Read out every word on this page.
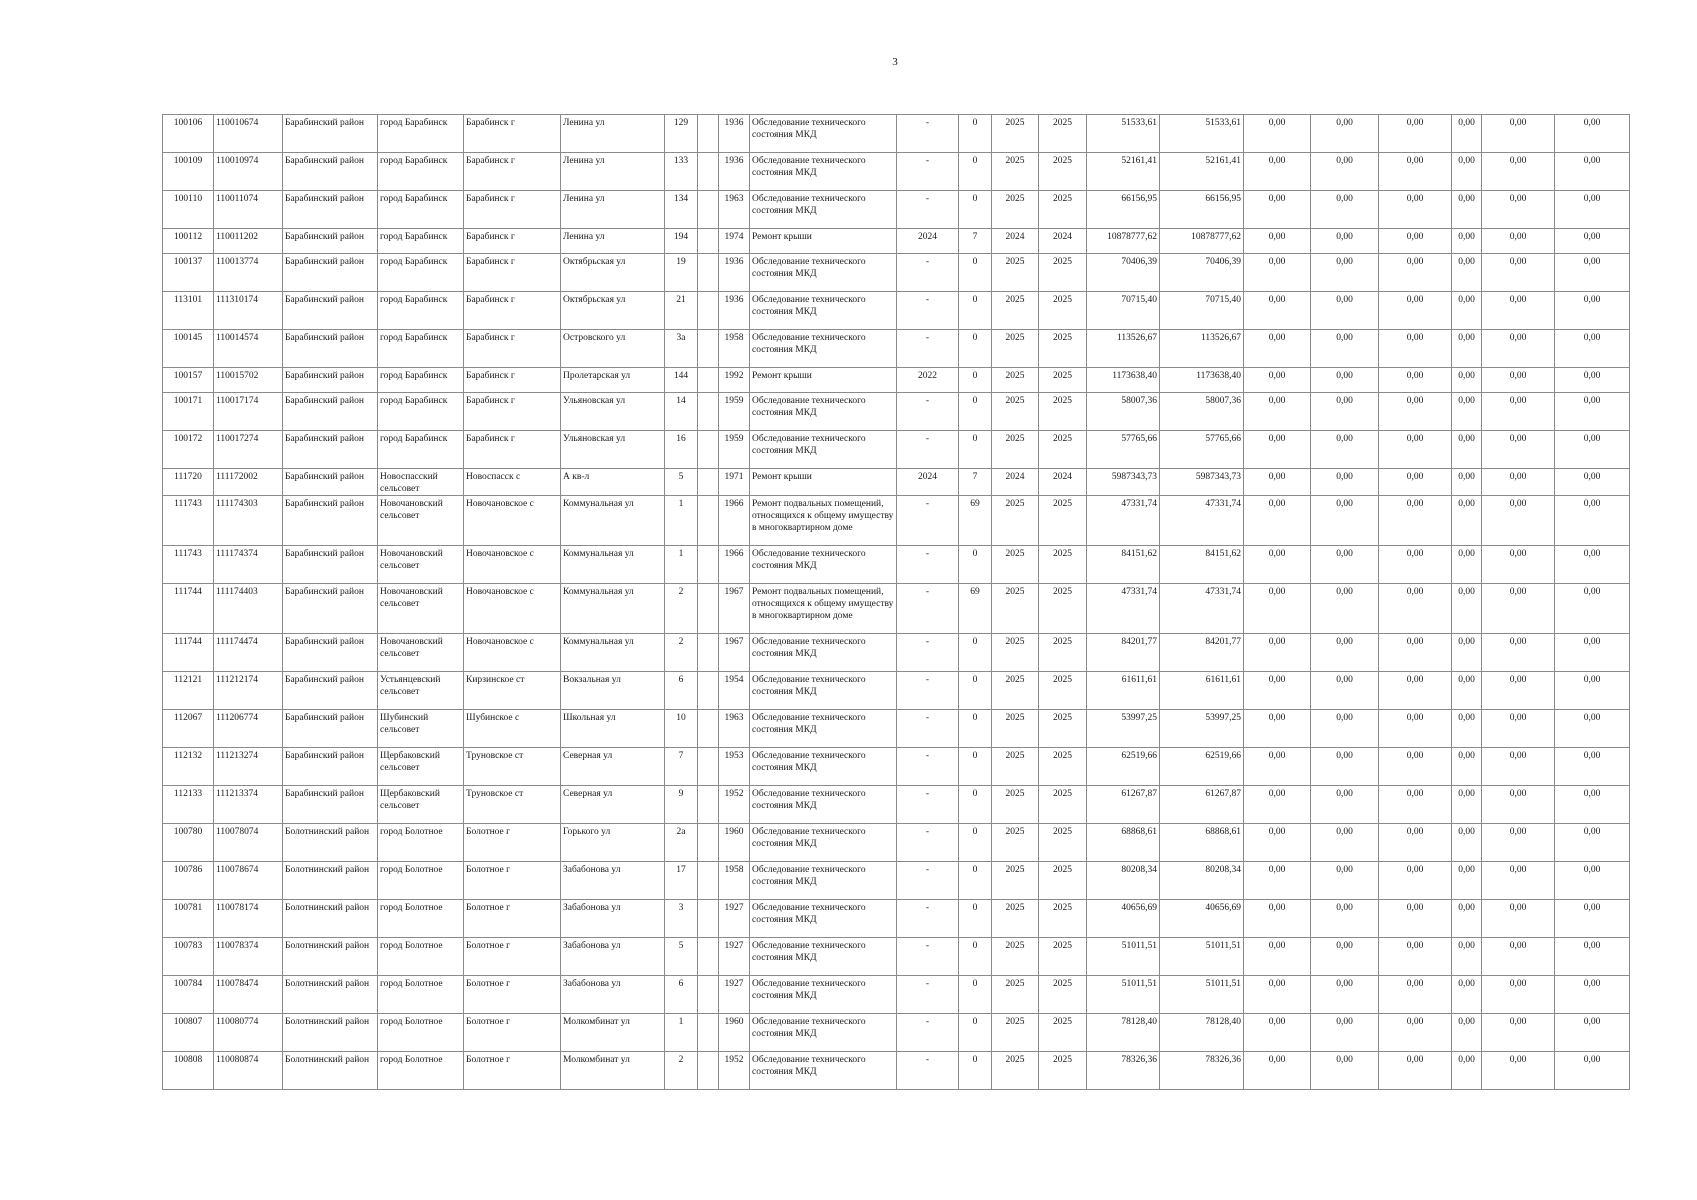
3
100106	110010674	Барабинский район	город Барабинск	Барабинск г	Ленина ул	129		1936	Обследование технического состояния МКД	-	0	2025	2025	51533,61	51533,61	0,00	0,00	0,00	0,00	0,00	0,00
100109	110010974	Барабинский район	город Барабинск	Барабинск г	Ленина ул	133		1936	Обследование технического состояния МКД	-	0	2025	2025	52161,41	52161,41	0,00	0,00	0,00	0,00	0,00	0,00
100110	110011074	Барабинский район	город Барабинск	Барабинск г	Ленина ул	134		1963	Обследование технического состояния МКД	-	0	2025	2025	66156,95	66156,95	0,00	0,00	0,00	0,00	0,00	0,00
100112	110011202	Барабинский район	город Барабинск	Барабинск г	Ленина ул	194		1974	Ремонт крыши	2024	7	2024	2024	10878777,62	10878777,62	0,00	0,00	0,00	0,00	0,00	0,00
100137	110013774	Барабинский район	город Барабинск	Барабинск г	Октябрьская ул	19		1936	Обследование технического состояния МКД	-	0	2025	2025	70406,39	70406,39	0,00	0,00	0,00	0,00	0,00	0,00
113101	111310174	Барабинский район	город Барабинск	Барабинск г	Октябрьская ул	21		1936	Обследование технического состояния МКД	-	0	2025	2025	70715,40	70715,40	0,00	0,00	0,00	0,00	0,00	0,00
100145	110014574	Барабинский район	город Барабинск	Барабинск г	Островского ул	3а		1958	Обследование технического состояния МКД	-	0	2025	2025	113526,67	113526,67	0,00	0,00	0,00	0,00	0,00	0,00
100157	110015702	Барабинский район	город Барабинск	Барабинск г	Пролетарская ул	144		1992	Ремонт крыши	2022	0	2025	2025	1173638,40	1173638,40	0,00	0,00	0,00	0,00	0,00	0,00
100171	110017174	Барабинский район	город Барабинск	Барабинск г	Ульяновская ул	14		1959	Обследование технического состояния МКД	-	0	2025	2025	58007,36	58007,36	0,00	0,00	0,00	0,00	0,00	0,00
100172	110017274	Барабинский район	город Барабинск	Барабинск г	Ульяновская ул	16		1959	Обследование технического состояния МКД	-	0	2025	2025	57765,66	57765,66	0,00	0,00	0,00	0,00	0,00	0,00
111720	111172002	Барабинский район	Новоспасский сельсовет	Новоспасск с	А кв-л	5		1971	Ремонт крыши	2024	7	2024	2024	5987343,73	5987343,73	0,00	0,00	0,00	0,00	0,00	0,00
111743	111174303	Барабинский район	Новочановский сельсовет	Новочановское с	Коммунальная ул	1		1966	Ремонт подвальных помещений, относящихся к общему имуществу в многоквартирном доме	-	69	2025	2025	47331,74	47331,74	0,00	0,00	0,00	0,00	0,00	0,00
111743	111174374	Барабинский район	Новочановский сельсовет	Новочановское с	Коммунальная ул	1		1966	Обследование технического состояния МКД	-	0	2025	2025	84151,62	84151,62	0,00	0,00	0,00	0,00	0,00	0,00
111744	111174403	Барабинский район	Новочановский сельсовет	Новочановское с	Коммунальная ул	2		1967	Ремонт подвальных помещений, относящихся к общему имуществу в многоквартирном доме	-	69	2025	2025	47331,74	47331,74	0,00	0,00	0,00	0,00	0,00	0,00
111744	111174474	Барабинский район	Новочановский сельсовет	Новочановское с	Коммунальная ул	2		1967	Обследование технического состояния МКД	-	0	2025	2025	84201,77	84201,77	0,00	0,00	0,00	0,00	0,00	0,00
112121	111212174	Барабинский район	Устьянцевский сельсовет	Кирзинское ст	Вокзальная ул	6		1954	Обследование технического состояния МКД	-	0	2025	2025	61611,61	61611,61	0,00	0,00	0,00	0,00	0,00	0,00
112067	111206774	Барабинский район	Шубинский сельсовет	Шубинское с	Школьная ул	10		1963	Обследование технического состояния МКД	-	0	2025	2025	53997,25	53997,25	0,00	0,00	0,00	0,00	0,00	0,00
112132	111213274	Барабинский район	Щербаковский сельсовет	Труновское ст	Северная ул	7		1953	Обследование технического состояния МКД	-	0	2025	2025	62519,66	62519,66	0,00	0,00	0,00	0,00	0,00	0,00
112133	111213374	Барабинский район	Щербаковский сельсовет	Труновское ст	Северная ул	9		1952	Обследование технического состояния МКД	-	0	2025	2025	61267,87	61267,87	0,00	0,00	0,00	0,00	0,00	0,00
100780	110078074	Болотнинский район	город Болотное	Болотное г	Горького ул	2а		1960	Обследование технического состояния МКД	-	0	2025	2025	68868,61	68868,61	0,00	0,00	0,00	0,00	0,00	0,00
100786	110078674	Болотнинский район	город Болотное	Болотное г	Забабонова ул	17		1958	Обследование технического состояния МКД	-	0	2025	2025	80208,34	80208,34	0,00	0,00	0,00	0,00	0,00	0,00
100781	110078174	Болотнинский район	город Болотное	Болотное г	Забабонова ул	3		1927	Обследование технического состояния МКД	-	0	2025	2025	40656,69	40656,69	0,00	0,00	0,00	0,00	0,00	0,00
100783	110078374	Болотнинский район	город Болотное	Болотное г	Забабонова ул	5		1927	Обследование технического состояния МКД	-	0	2025	2025	51011,51	51011,51	0,00	0,00	0,00	0,00	0,00	0,00
100784	110078474	Болотнинский район	город Болотное	Болотное г	Забабонова ул	6		1927	Обследование технического состояния МКД	-	0	2025	2025	51011,51	51011,51	0,00	0,00	0,00	0,00	0,00	0,00
100807	110080774	Болотнинский район	город Болотное	Болотное г	Молкомбинат ул	1		1960	Обследование технического состояния МКД	-	0	2025	2025	78128,40	78128,40	0,00	0,00	0,00	0,00	0,00	0,00
100808	110080874	Болотнинский район	город Болотное	Болотное г	Молкомбинат ул	2		1952	Обследование технического состояния МКД	-	0	2025	2025	78326,36	78326,36	0,00	0,00	0,00	0,00	0,00	0,00
